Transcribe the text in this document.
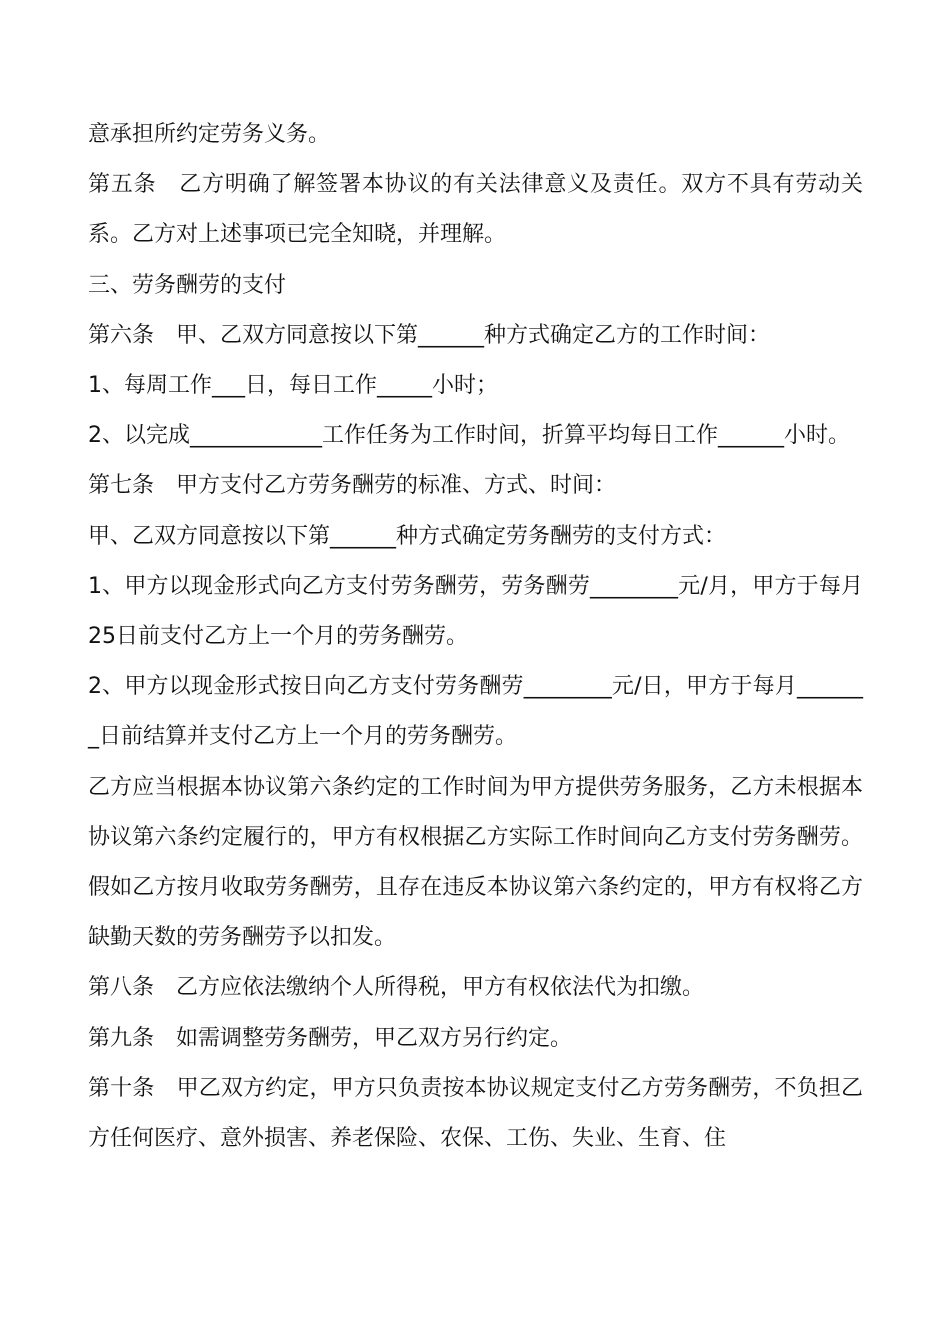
意承担所约定劳务义务。

第五条　乙方明确了解签署本协议的有关法律意义及责任。双方不具有劳动关系。乙方对上述事项已完全知晓，并理解。

三、劳务酬劳的支付

第六条　甲、乙双方同意按以下第______种方式确定乙方的工作时间：

1、每周工作___日，每日工作_____小时；

2、以完成____________工作任务为工作时间，折算平均每日工作______小时。

第七条　甲方支付乙方劳务酬劳的标准、方式、时间：

甲、乙双方同意按以下第______种方式确定劳务酬劳的支付方式：

1、甲方以现金形式向乙方支付劳务酬劳，劳务酬劳________元/月，甲方于每月25日前支付乙方上一个月的劳务酬劳。

2、甲方以现金形式按日向乙方支付劳务酬劳________元/日，甲方于每月_______日前结算并支付乙方上一个月的劳务酬劳。

乙方应当根据本协议第六条约定的工作时间为甲方提供劳务服务，乙方未根据本协议第六条约定履行的，甲方有权根据乙方实际工作时间向乙方支付劳务酬劳。假如乙方按月收取劳务酬劳，且存在违反本协议第六条约定的，甲方有权将乙方缺勤天数的劳务酬劳予以扣发。

第八条　乙方应依法缴纳个人所得税，甲方有权依法代为扣缴。

第九条　如需调整劳务酬劳，甲乙双方另行约定。

第十条　甲乙双方约定，甲方只负责按本协议规定支付乙方劳务酬劳，不负担乙方任何医疗、意外损害、养老保险、农保、工伤、失业、生育、住
